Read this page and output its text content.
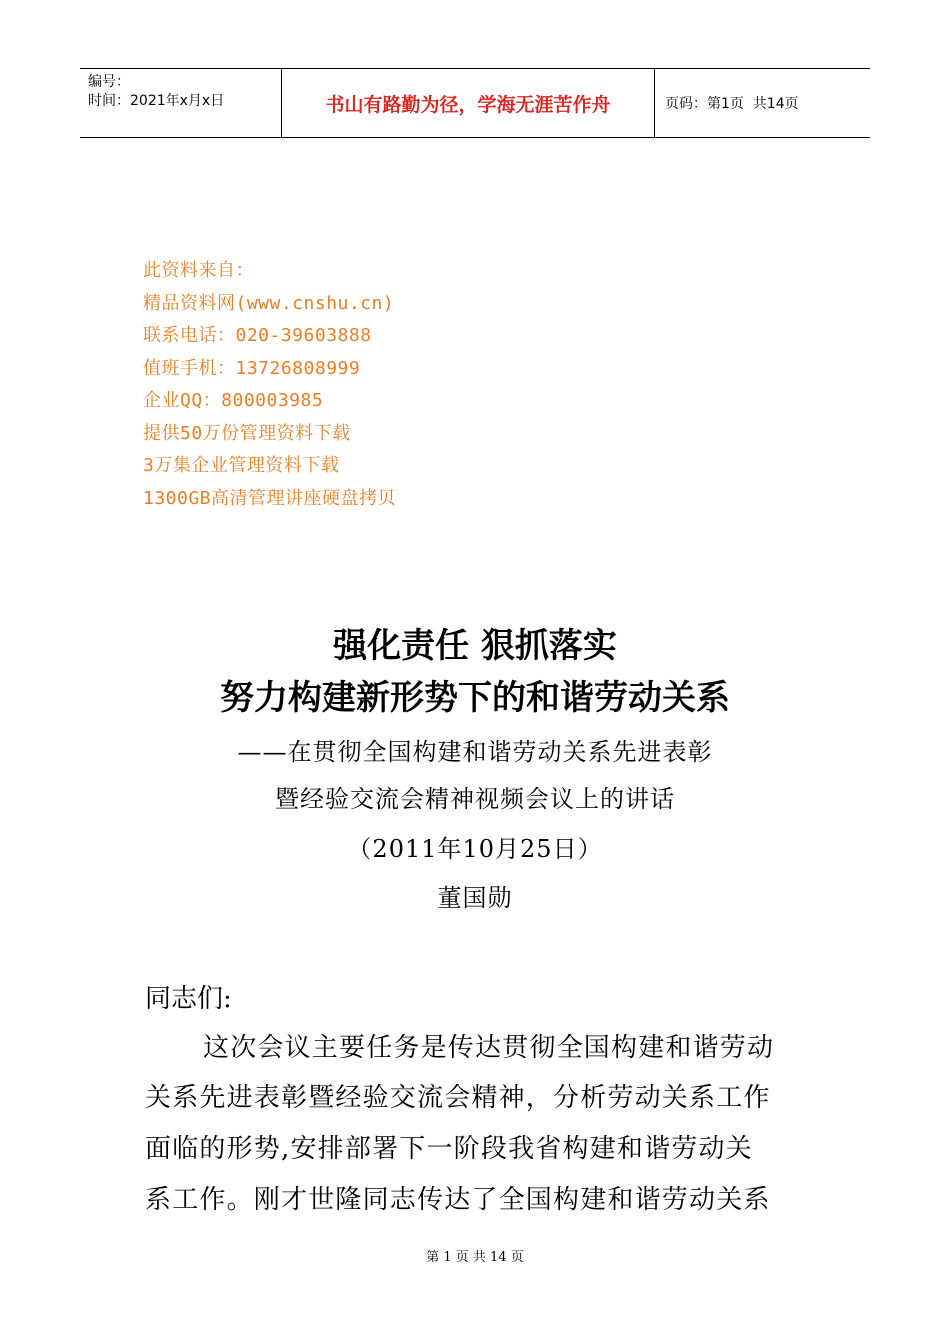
编号：
时间：2021年x月x日	书山有路勤为径，学海无涯苦作舟	页码：第1页  共14页
此资料来自：
精品资料网(www.cnshu.cn)
联系电话：020-39603888
值班手机：13726808999
企业QQ：800003985
提供50万份管理资料下载
3万集企业管理资料下载
1300GB高清管理讲座硬盘拷贝
强化责任 狠抓落实
努力构建新形势下的和谐劳动关系
——在贯彻全国构建和谐劳动关系先进表彰
暨经验交流会精神视频会议上的讲话
（2011年10月25日）
董国勋
同志们:
这次会议主要任务是传达贯彻全国构建和谐劳动
关系先进表彰暨经验交流会精神，分析劳动关系工作
面临的形势,安排部署下一阶段我省构建和谐劳动关
系工作。刚才世隆同志传达了全国构建和谐劳动关系
第 1 页 共 14 页
